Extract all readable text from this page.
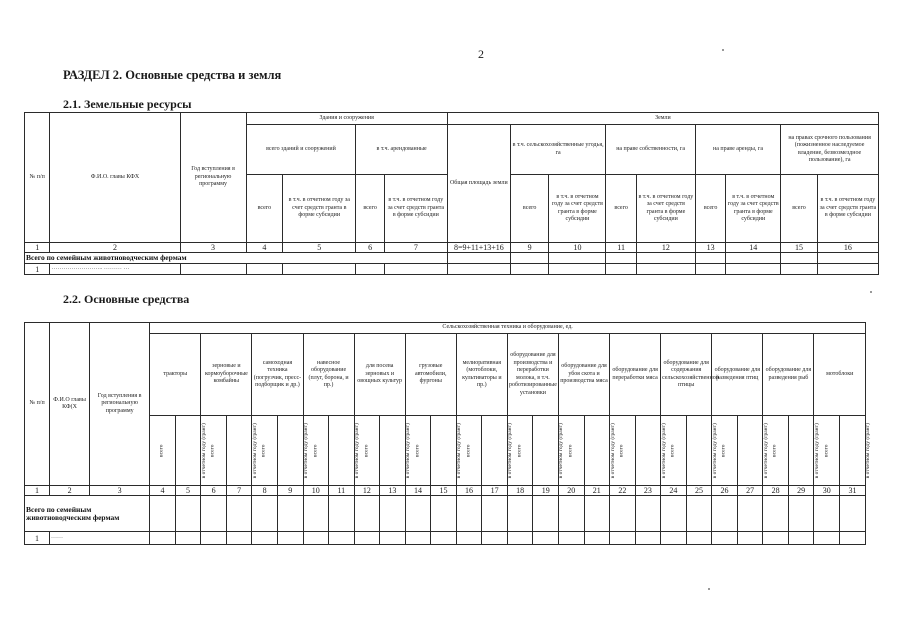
2
РАЗДЕЛ 2. Основные средства и земля
2.1. Земельные ресурсы
№ п/п	Ф.И.О. главы КФХ	Год вступления в региональную программу	Здания и сооружения				Земли								
			всего зданий и сооружений		в т.ч. арендованные		Общая площадь земли	в т.ч. сельскохозяйственные угодья, га		на праве собственности, га		на праве аренды, га		на правах срочного пользования (пожизненное наследуемое владение, безвозмездное пользование), га	
			всего	в т.ч. в отчетном году за счет средств гранта в форме субсидии	всего	в т.ч. в отчетном году за счет средств гранта в форме субсидии		всего	в т.ч. в отчетном году за счет средств гранта в форме субсидии	всего	в т.ч. в отчетном году за счет средств гранта в форме субсидии	всего	в т.ч. в отчетном году за счет средств гранта в форме субсидии	всего	в т.ч. в отчетном году за счет средств гранта в форме субсидии
1	2	3	4	5	6	7	8=9+11+13+16	9	10	11	12	13	14	15	16
Всего по семейным животноводческим фермам															
1	…………………….. ……… …														
2.2. Основные средства
№ п/п	Ф.И.О главы КФ(Х	Год вступления в региональную программу	Сельскохозяйственная техника и оборудование, ед.																											
			тракторы		зерновые и кормоуборочные комбайны		самоходная техника (погрузчик, пресс-подборщик и др.)		навесное оборудование (плуг, борона, и пр.)		для посева зерновых и овощных культур		грузовые автомобили, фургоны		мелиоративная (мотоблоки, культиваторы и пр.)		оборудование для производства и переработки молока, в т.ч. роботизированные установки		оборудование для убоя скота и производства мяса		оборудование для переработки мяса		оборудование для содержания сельскохозяйственной птицы		оборудование для разведения птиц		оборудование для разведения рыб		мотоблоки	
			всего	в отчетном году (грант)	всего	в отчетном году (грант)	всего	в отчетном году (грант)	всего	в отчетном году (грант)	всего	в отчетном году (грант)	всего	в отчетном году (грант)	всего	в отчетном году (грант)	всего	в отчетном году (грант)	всего	в отчетном году (грант)	всего	в отчетном году (грант)	всего	в отчетном году (грант)	всего	в отчетном году (грант)	всего	в отчетном году (грант)	всего	в отчетном году (грант)
1	2	3	4	5	6	7	8	9	10	11	12	13	14	15	16	17	18	19	20	21	22	23	24	25	26	27	28	29	30	31
Всего по семейным животноводческим фермам																														
1	……																													
